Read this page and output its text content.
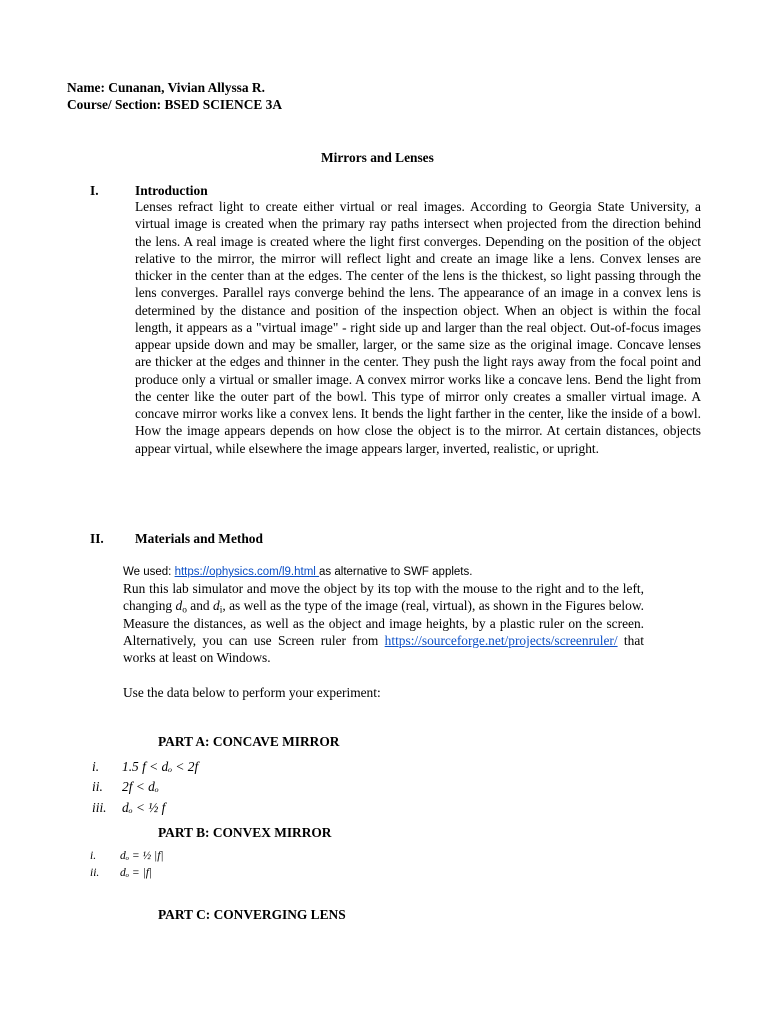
Name: Cunanan, Vivian Allyssa R.
Course/ Section: BSED SCIENCE 3A
Mirrors and Lenses
I.	Introduction
Lenses refract light to create either virtual or real images. According to Georgia State University, a virtual image is created when the primary ray paths intersect when projected from the direction behind the lens. A real image is created where the light first converges. Depending on the position of the object relative to the mirror, the mirror will reflect light and create an image like a lens. Convex lenses are thicker in the center than at the edges. The center of the lens is the thickest, so light passing through the lens converges. Parallel rays converge behind the lens. The appearance of an image in a convex lens is determined by the distance and position of the inspection object. When an object is within the focal length, it appears as a "virtual image" - right side up and larger than the real object. Out-of-focus images appear upside down and may be smaller, larger, or the same size as the original image. Concave lenses are thicker at the edges and thinner in the center. They push the light rays away from the focal point and produce only a virtual or smaller image. A convex mirror works like a concave lens. Bend the light from the center like the outer part of the bowl. This type of mirror only creates a smaller virtual image. A concave mirror works like a convex lens. It bends the light farther in the center, like the inside of a bowl. How the image appears depends on how close the object is to the mirror. At certain distances, objects appear virtual, while elsewhere the image appears larger, inverted, realistic, or upright.
II. Materials and Method
We used: https://ophysics.com/l9.html as alternative to SWF applets.
Run this lab simulator and move the object by its top with the mouse to the right and to the left, changing $d_o$ and $d_i$, as well as the type of the image (real, virtual), as shown in the Figures below. Measure the distances, as well as the object and image heights, by a plastic ruler on the screen. Alternatively, you can use Screen ruler from https://sourceforge.net/projects/screenruler/ that works at least on Windows.
Use the data below to perform your experiment:
PART A: CONCAVE MIRROR
i. 1.5 f < dₒ < 2f
ii. 2f < dₒ
iii. dₒ < ½ f
PART B: CONVEX MIRROR
i. dₒ = ½ |f|
ii. dₒ = |f|
PART C: CONVERGING LENS
